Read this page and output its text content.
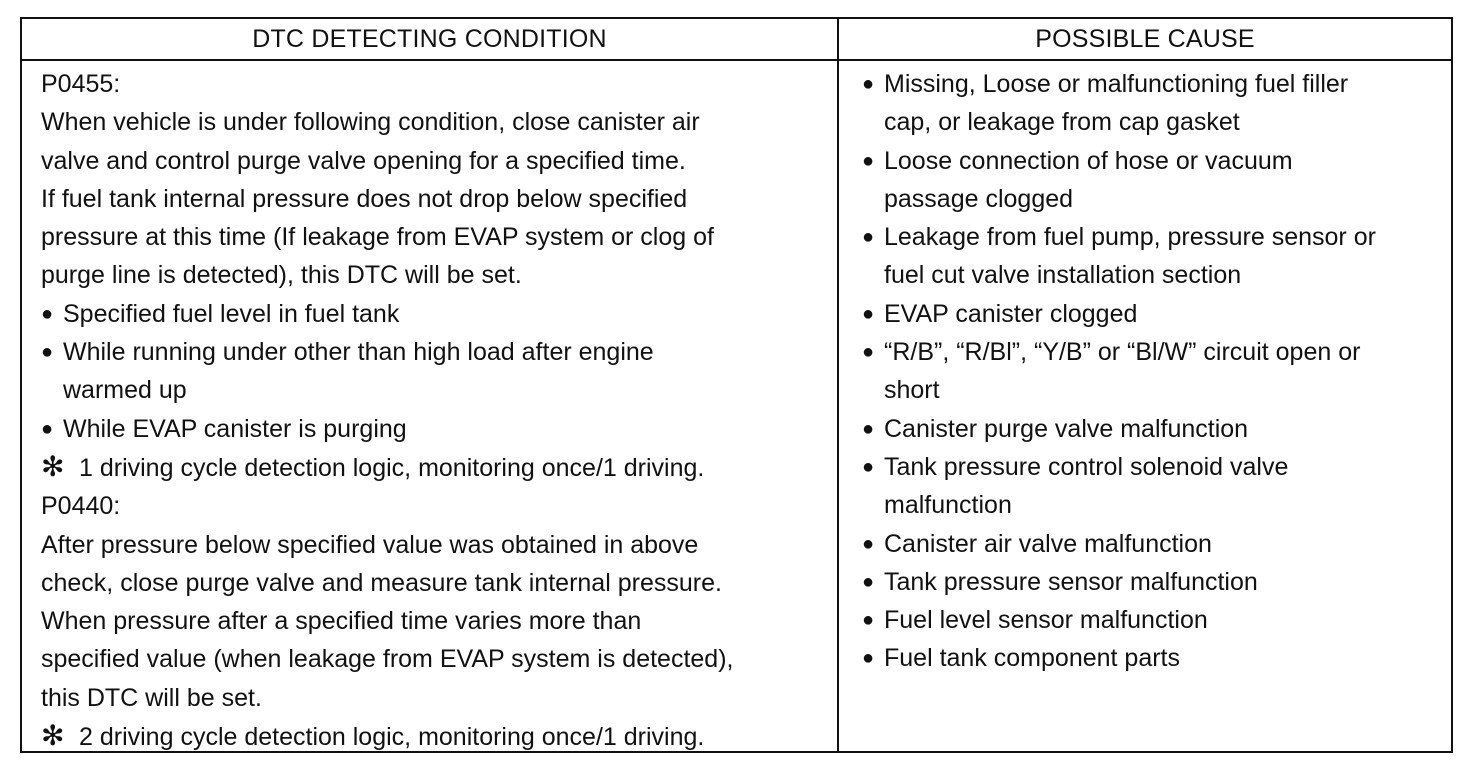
DTC DETECTING CONDITION	POSSIBLE CAUSE
P0455:
When vehicle is under following condition, close canister air
valve and control purge valve opening for a specified time.
If fuel tank internal pressure does not drop below specified
pressure at this time (If leakage from EVAP system or clog of
purge line is detected), this DTC will be set.
● Specified fuel level in fuel tank
● While running under other than high load after engine
warmed up
● While EVAP canister is purging
✻ 1 driving cycle detection logic, monitoring once/1 driving.
P0440:
After pressure below specified value was obtained in above
check, close purge valve and measure tank internal pressure.
When pressure after a specified time varies more than
specified value (when leakage from EVAP system is detected),
this DTC will be set.
✻ 2 driving cycle detection logic, monitoring once/1 driving.
● Missing, Loose or malfunctioning fuel filler
cap, or leakage from cap gasket
● Loose connection of hose or vacuum
passage clogged
● Leakage from fuel pump, pressure sensor or
fuel cut valve installation section
● EVAP canister clogged
● “R/B”, “R/Bl”, “Y/B” or “Bl/W” circuit open or
short
● Canister purge valve malfunction
● Tank pressure control solenoid valve
malfunction
● Canister air valve malfunction
● Tank pressure sensor malfunction
● Fuel level sensor malfunction
● Fuel tank component parts
